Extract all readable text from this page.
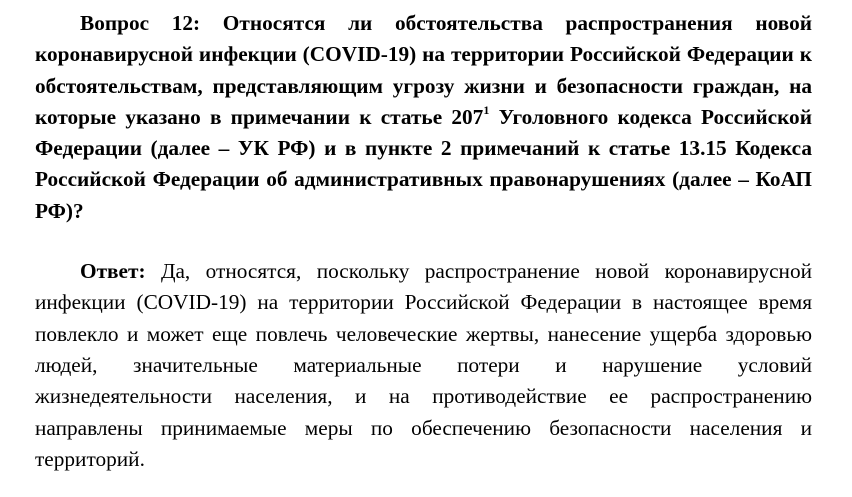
Вопрос 12: Относятся ли обстоятельства распространения новой коронавирусной инфекции (COVID-19) на территории Российской Федерации к обстоятельствам, представляющим угрозу жизни и безопасности граждан, на которые указано в примечании к статье $207^1$ Уголовного кодекса Российской Федерации (далее – УК РФ) и в пункте 2 примечаний к статье 13.15 Кодекса Российской Федерации об административных правонарушениях (далее – КоАП РФ)?

Ответ: Да, относятся, поскольку распространение новой коронавирусной инфекции (COVID-19) на территории Российской Федерации в настоящее время повлекло и может еще повлечь человеческие жертвы, нанесение ущерба здоровью людей, значительные материальные потери и нарушение условий жизнедеятельности населения, и на противодействие ее распространению направлены принимаемые меры по обеспечению безопасности населения и территорий.
